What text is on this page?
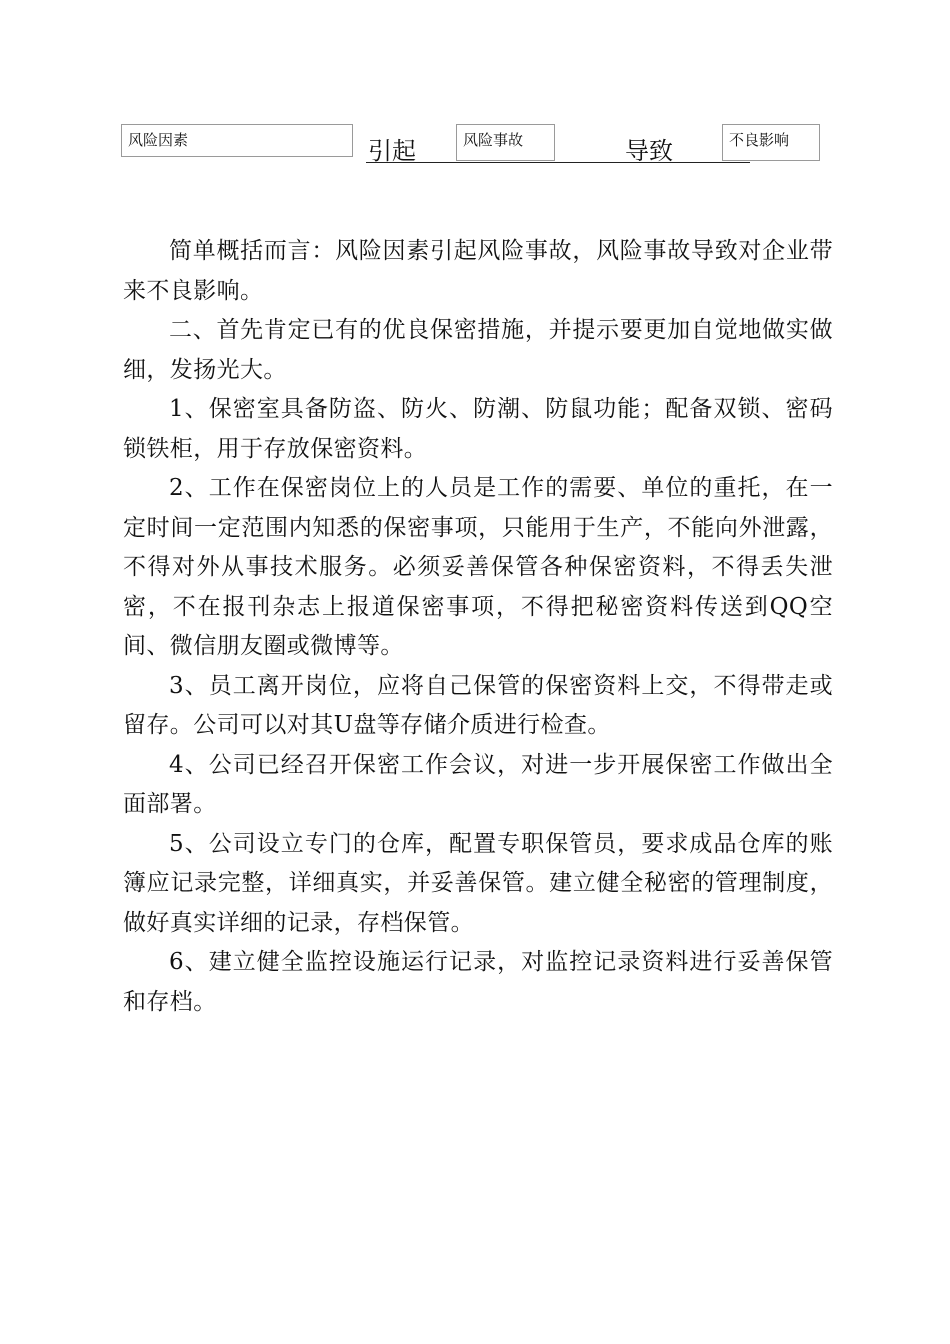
风险因素	引起	风险事故	导致	不良影响

简单概括而言：风险因素引起风险事故，风险事故导致对企业带来不良影响。

二、首先肯定已有的优良保密措施，并提示要更加自觉地做实做细，发扬光大。

1、保密室具备防盗、防火、防潮、防鼠功能；配备双锁、密码锁铁柜，用于存放保密资料。

2、工作在保密岗位上的人员是工作的需要、单位的重托，在一定时间一定范围内知悉的保密事项，只能用于生产，不能向外泄露，不得对外从事技术服务。必须妥善保管各种保密资料，不得丢失泄密，不在报刊杂志上报道保密事项，不得把秘密资料传送到QQ空间、微信朋友圈或微博等。

3、员工离开岗位，应将自己保管的保密资料上交，不得带走或留存。公司可以对其U盘等存储介质进行检查。

4、公司已经召开保密工作会议，对进一步开展保密工作做出全面部署。

5、公司设立专门的仓库，配置专职保管员，要求成品仓库的账簿应记录完整，详细真实，并妥善保管。建立健全秘密的管理制度，做好真实详细的记录，存档保管。

6、建立健全监控设施运行记录，对监控记录资料进行妥善保管和存档。
